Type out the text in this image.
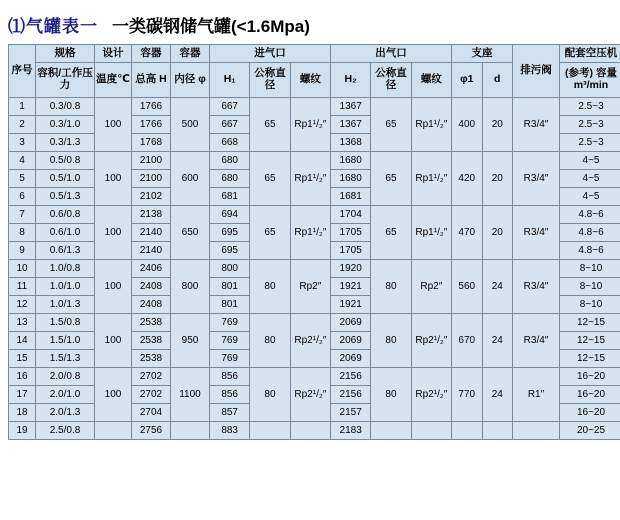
⑴气罐表一 一类碳钢储气罐(<1.6Mpa)
序号	规格	设计	容器	容器	进气口			出气口			支座		排污阀	配套空压机
	容积/工作压力	温度℃	总高 H	内径 φ	H₁	公称直径	螺纹	H₂	公称直径	螺纹	φ1	d		(参考) 容量m³/min
1	0.3/0.8	100	1766	500	667	65	Rp1¹/₂″	1367	65	Rp1¹/₂″	400	20	R3/4″	2.5~3
2	0.3/1.0		1766		667			1367						2.5~3
3	0.3/1.3		1768		668			1368						2.5~3
4	0.5/0.8	100	2100	600	680	65	Rp1¹/₂″	1680	65	Rp1¹/₂″	420	20	R3/4″	4~5
5	0.5/1.0		2100		680			1680						4~5
6	0.5/1.3		2102		681			1681						4~5
7	0.6/0.8	100	2138	650	694	65	Rp1¹/₂″	1704	65	Rp1¹/₂″	470	20	R3/4″	4.8~6
8	0.6/1.0		2140		695			1705						4.8~6
9	0.6/1.3		2140		695			1705						4.8~6
10	1.0/0.8	100	2406	800	800	80	Rp2″	1920	80	Rp2″	560	24	R3/4″	8~10
11	1.0/1.0		2408		801			1921						8~10
12	1.0/1.3		2408		801			1921						8~10
13	1.5/0.8	100	2538	950	769	80	Rp2¹/₂″	2069	80	Rp2¹/₂″	670	24	R3/4″	12~15
14	1.5/1.0		2538		769			2069						12~15
15	1.5/1.3		2538		769			2069						12~15
16	2.0/0.8	100	2702	1100	856	80	Rp2¹/₂″	2156	80	Rp2¹/₂″	770	24	R1″	16~20
17	2.0/1.0		2702		856			2156						16~20
18	2.0/1.3		2704		857			2157						16~20
19	2.5/0.8		2756		883			2183						20~25
